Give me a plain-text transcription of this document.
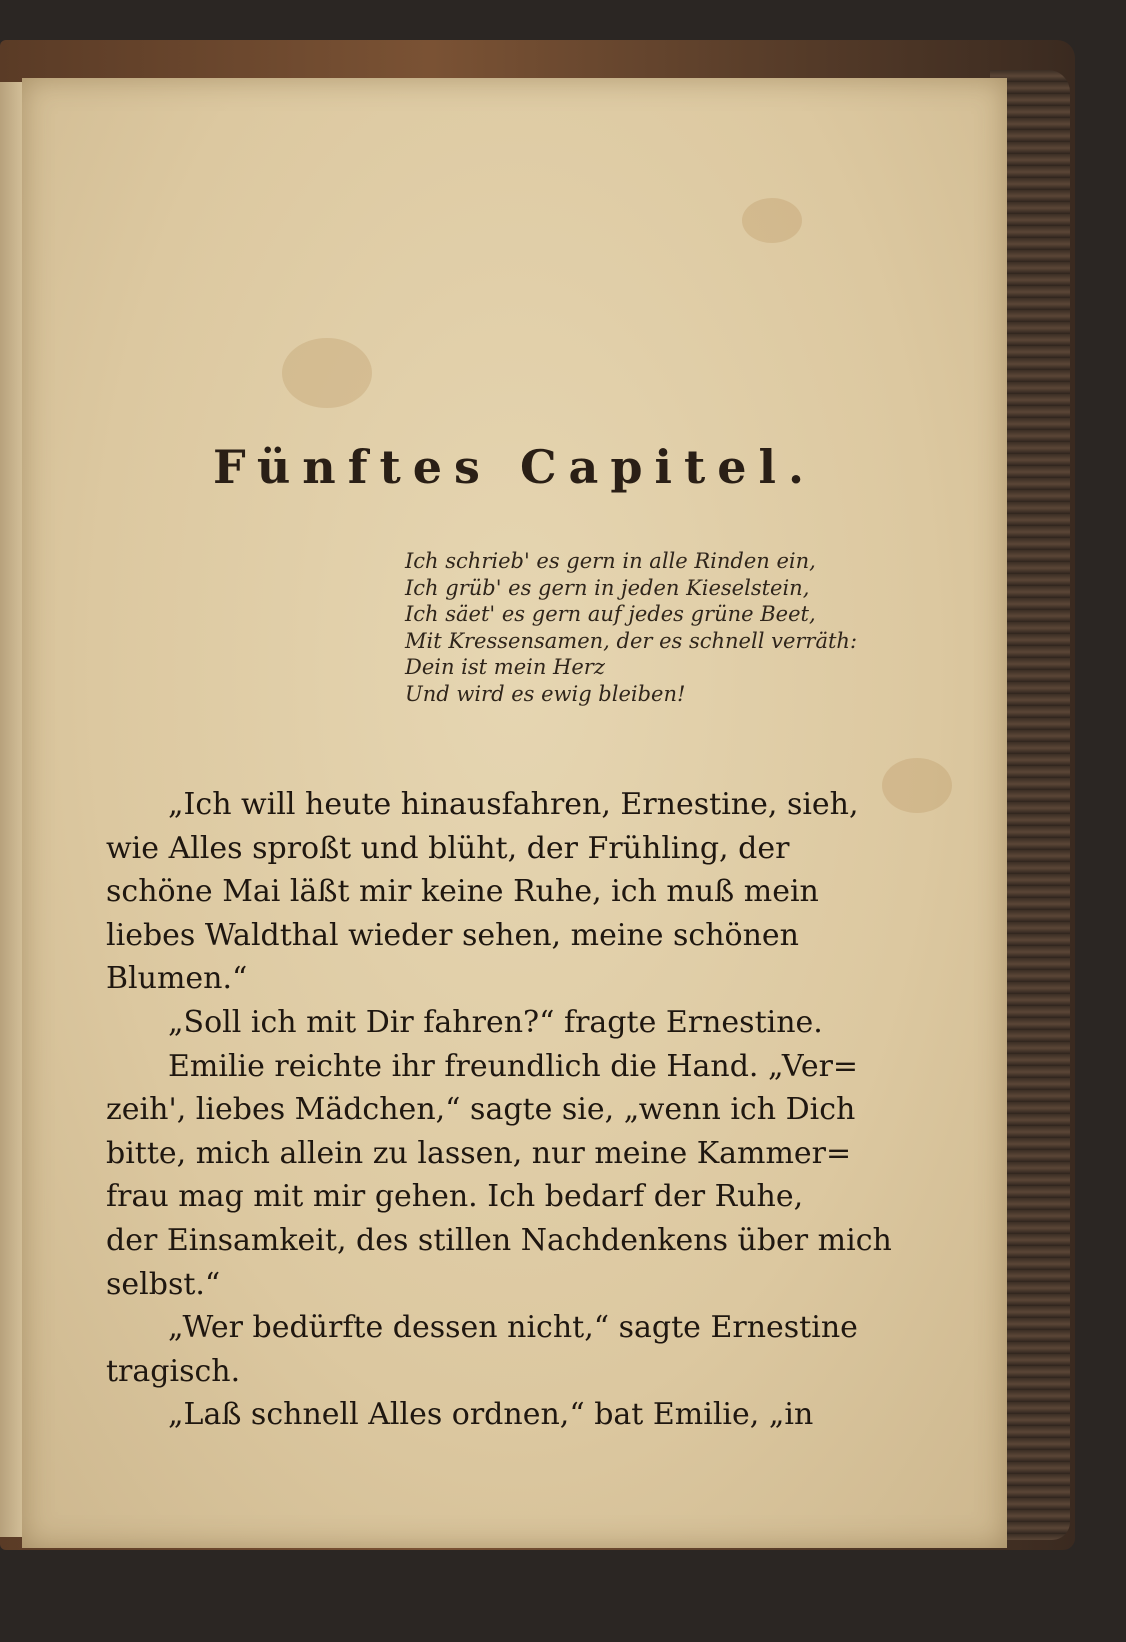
Fünftes Capitel.
Ich schrieb' es gern in alle Rinden ein,
Ich grüb' es gern in jeden Kieselstein,
Ich säet' es gern auf jedes grüne Beet,
Mit Kressensamen, der es schnell verräth:
Dein ist mein Herz
Und wird es ewig bleiben!
„Ich will heute hinausfahren, Ernestine, sieh,
wie Alles sproßt und blüht, der Frühling, der
schöne Mai läßt mir keine Ruhe, ich muß mein
liebes Waldthal wieder sehen, meine schönen
Blumen.“
„Soll ich mit Dir fahren?“ fragte Ernestine.
Emilie reichte ihr freundlich die Hand. „Ver=
zeih', liebes Mädchen,“ sagte sie, „wenn ich Dich
bitte, mich allein zu lassen, nur meine Kammer=
frau mag mit mir gehen. Ich bedarf der Ruhe,
der Einsamkeit, des stillen Nachdenkens über mich
selbst.“
„Wer bedürfte dessen nicht,“ sagte Ernestine
tragisch.
„Laß schnell Alles ordnen,“ bat Emilie, „in
